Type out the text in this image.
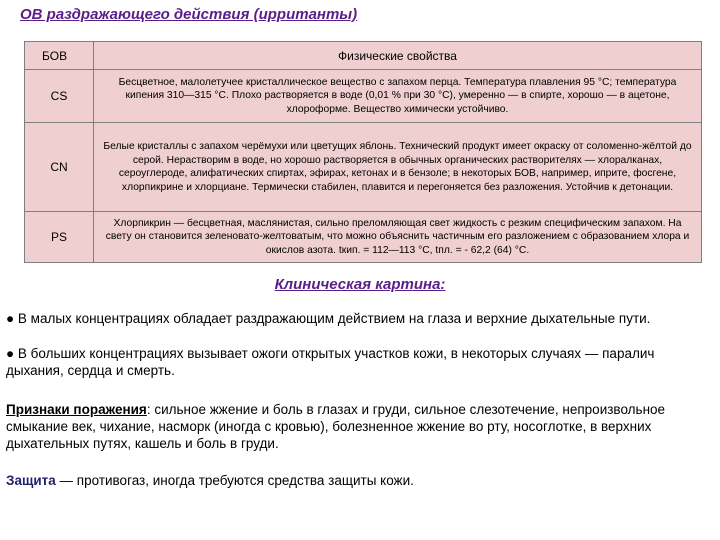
ОВ раздражающего действия (ирританты)
БОВ	Физические свойства
CS	Бесцветное, малолетучее кристаллическое вещество с запахом перца. Температура плавления 95 °С; температура кипения 310—315 °С. Плохо растворяется в воде (0,01 % при 30 °С), умеренно — в спирте, хорошо — в ацетоне, хлороформе. Вещество химически устойчиво.
CN	Белые кристаллы с запахом черёмухи или цветущих яблонь. Технический продукт имеет окраску от соломенно-жёлтой до серой. Нерастворим в воде, но хорошо растворяется в обычных органических растворителях — хлоралканах, сероуглероде, алифатических спиртах, эфирах, кетонах и в бензоле; в некоторых БОВ, например, иприте, фосгене, хлорпикрине и хлорциане. Термически стабилен, плавится и перегоняется без разложения. Устойчив к детонации.
PS	Хлорпикрин — бесцветная, маслянистая, сильно преломляющая свет жидкость с резким специфическим запахом. На свету он становится зеленовато-желтоватым, что можно объяснить частичным его разложением с образованием хлора и окислов азота. tкип. = 112—113 °С, tпл. = - 62,2 (64) °С.
Клиническая картина:
● В малых концентрациях обладает раздражающим действием на глаза и верхние дыхательные пути.
● В больших концентрациях вызывает ожоги открытых участков кожи, в некоторых случаях — паралич дыхания, сердца и смерть.
Признаки поражения: сильное жжение и боль в глазах и груди, сильное слезотечение, непроизвольное смыкание век, чихание, насморк (иногда с кровью), болезненное жжение во рту, носоглотке, в верхних дыхательных путях, кашель и боль в груди.
Защита — противогаз, иногда требуются средства защиты кожи.
